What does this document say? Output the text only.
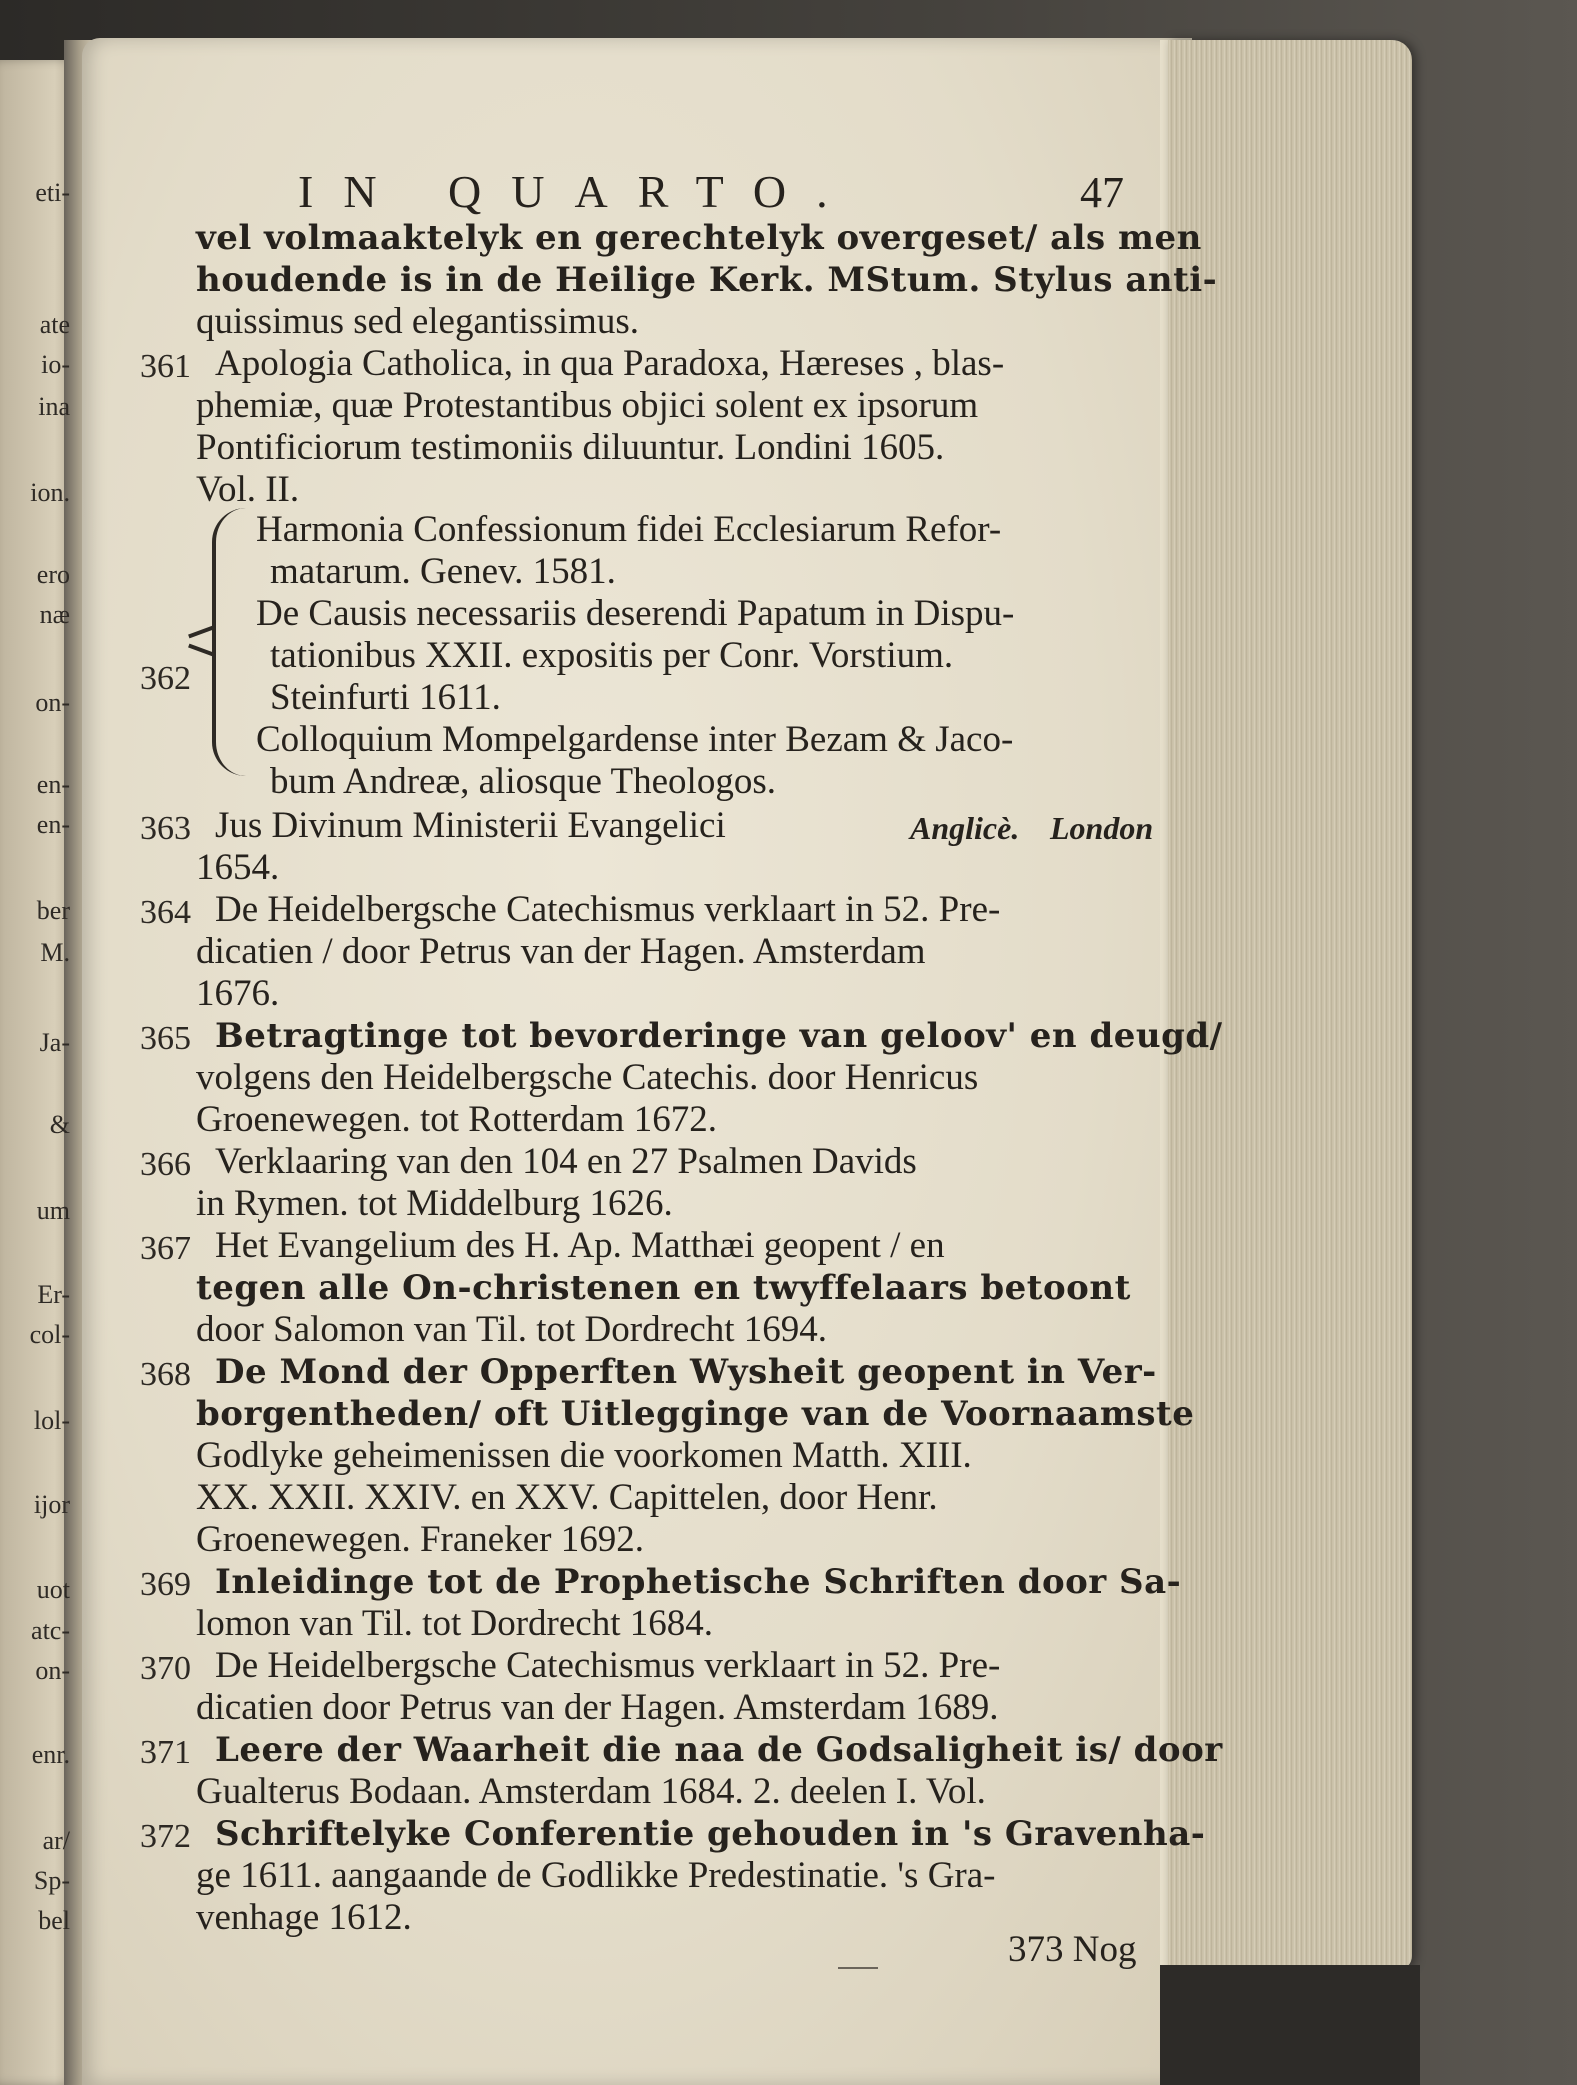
eti-
ate
io-
ina
ion.
ero
næ
on-
en-
en-
ber
M.
Ja-
&
um
Er-
col-
lol-
ijor
uot
atc-
on-
enr.
ar/
Sp-
bel
IN QUARTO.	47
vel volmaaktelyk en gerechtelyk overgeset/ als men
houdende is in de Heilige Kerk. MStum. Stylus anti-
quissimus sed elegantissimus.
361 Apologia Catholica, in qua Paradoxa, Hæreses , blas-
phemiæ, quæ Protestantibus objici solent ex ipsorum
Pontificiorum testimoniis diluuntur. Londini 1605.
Vol. II.
362
Harmonia Confessionum fidei Ecclesiarum Refor-
matarum. Genev. 1581.
De Causis necessariis deserendi Papatum in Dispu-
tationibus XXII. expositis per Conr. Vorstium.
Steinfurti 1611.
Colloquium Mompelgardense inter Bezam & Jaco-
bum Andreæ, aliosque Theologos.
363 Jus Divinum Ministerii Evangelici	Anglicè. London
1654.
364 De Heidelbergsche Catechismus verklaart in 52. Pre-
dicatien / door Petrus van der Hagen. Amsterdam
1676.
365 Betragtinge tot bevorderinge van geloov' en deugd/
volgens den Heidelbergsche Catechis. door Henricus
Groenewegen. tot Rotterdam 1672.
366 Verklaaring van den 104 en 27 Psalmen Davids
in Rymen. tot Middelburg 1626.
367 Het Evangelium des H. Ap. Matthæi geopent / en
tegen alle On-christenen en twyffelaars betoont
door Salomon van Til. tot Dordrecht 1694.
368 De Mond der Opperften Wysheit geopent in Ver-
borgentheden/ oft Uitlegginge van de Voornaamste
Godlyke geheimenissen die voorkomen Matth. XIII.
XX. XXII. XXIV. en XXV. Capittelen, door Henr.
Groenewegen. Franeker 1692.
369 Inleidinge tot de Prophetische Schriften door Sa-
lomon van Til. tot Dordrecht 1684.
370 De Heidelbergsche Catechismus verklaart in 52. Pre-
dicatien door Petrus van der Hagen. Amsterdam 1689.
371 Leere der Waarheit die naa de Godsaligheit is/ door
Gualterus Bodaan. Amsterdam 1684. 2. deelen I. Vol.
372 Schriftelyke Conferentie gehouden in 's Gravenha-
ge 1611. aangaande de Godlikke Predestinatie. 's Gra-
venhage 1612.
373 Nog
